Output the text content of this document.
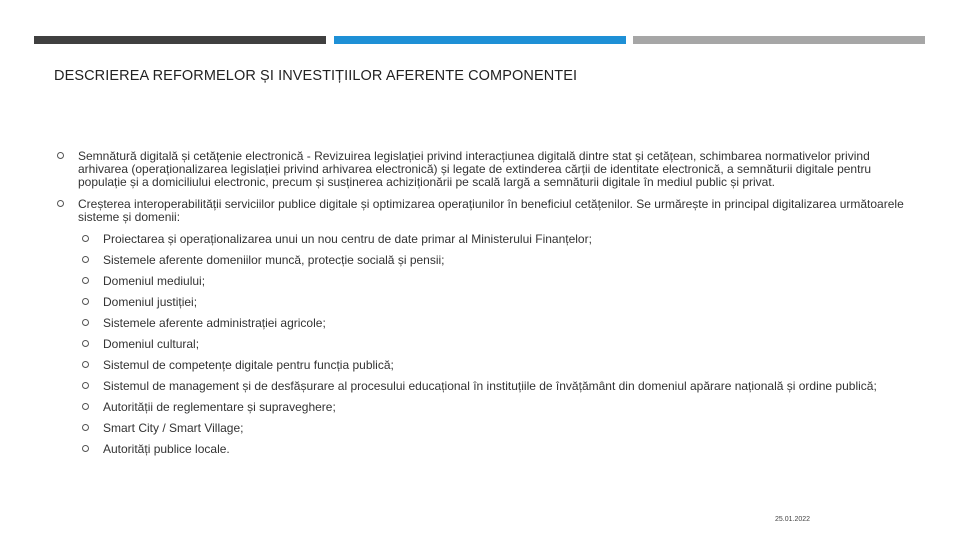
DESCRIEREA REFORMELOR ȘI INVESTIȚIILOR AFERENTE COMPONENTEI
Semnătură digitală și cetățenie electronică - Revizuirea legislației privind interacțiunea digitală dintre stat și cetățean, schimbarea normativelor privind arhivarea (operaționalizarea legislației privind arhivarea electronică) și legate de extinderea cărții de identitate electronică, a semnăturii digitale pentru populație și a domiciliului electronic, precum și susținerea achiziționării pe scală largă a semnăturii digitale în mediul public și privat.
Creșterea interoperabilității serviciilor publice digitale și optimizarea operațiunilor în beneficiul cetățenilor. Se urmărește in principal digitalizarea următoarele sisteme și domenii:
Proiectarea și operaționalizarea unui un nou centru de date primar al Ministerului Finanțelor;
Sistemele aferente domeniilor muncă, protecție socială și pensii;
Domeniul mediului;
Domeniul justiției;
Sistemele aferente administrației agricole;
Domeniul cultural;
Sistemul de competențe digitale pentru funcția publică;
Sistemul de management și de desfășurare al procesului educațional în instituțiile de învățământ din domeniul apărare națională și ordine publică;
Autorității de reglementare și supraveghere;
Smart City / Smart Village;
Autorități publice locale.

25.01.2022
